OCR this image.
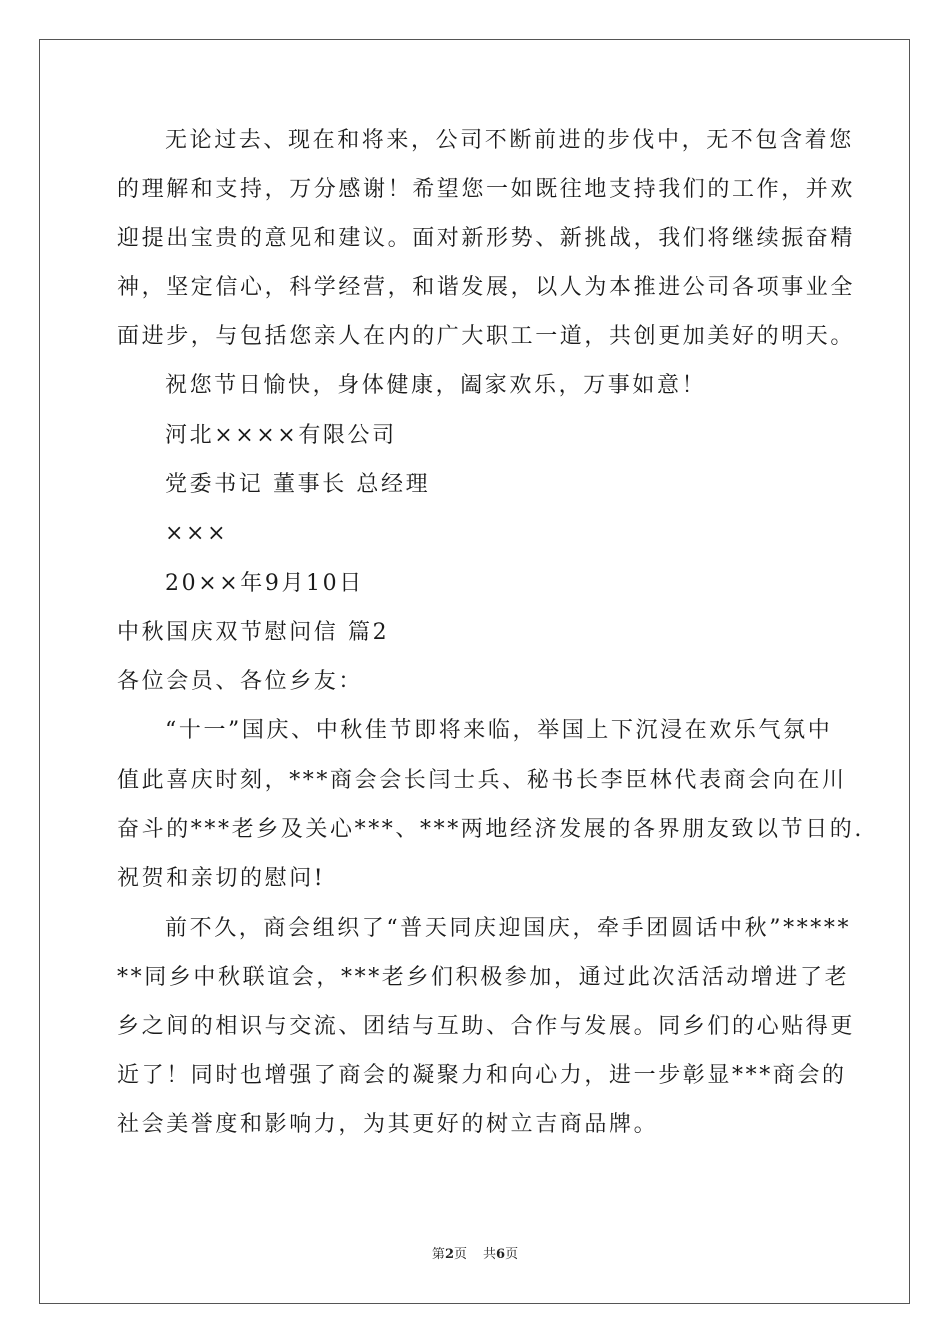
无论过去、现在和将来，公司不断前进的步伐中，无不包含着您
的理解和支持，万分感谢！希望您一如既往地支持我们的工作，并欢
迎提出宝贵的意见和建议。面对新形势、新挑战，我们将继续振奋精
神，坚定信心，科学经营，和谐发展，以人为本推进公司各项事业全
面进步，与包括您亲人在内的广大职工一道，共创更加美好的明天。
祝您节日愉快，身体健康，阖家欢乐，万事如意！
河北××××有限公司
党委书记 董事长 总经理
×××
20××年9月10日
中秋国庆双节慰问信 篇2
各位会员、各位乡友：
“十一”国庆、中秋佳节即将来临，举国上下沉浸在欢乐气氛中
值此喜庆时刻，***商会会长闫士兵、秘书长李臣林代表商会向在川
奋斗的***老乡及关心***、***两地经济发展的各界朋友致以节日的.
祝贺和亲切的慰问!
前不久，商会组织了“普天同庆迎国庆，牵手团圆话中秋”*****
**同乡中秋联谊会，***老乡们积极参加，通过此次活活动增进了老
乡之间的相识与交流、团结与互助、合作与发展。同乡们的心贴得更
近了！同时也增强了商会的凝聚力和向心力，进一步彰显***商会的
社会美誉度和影响力，为其更好的树立吉商品牌。
第2页 共6页
